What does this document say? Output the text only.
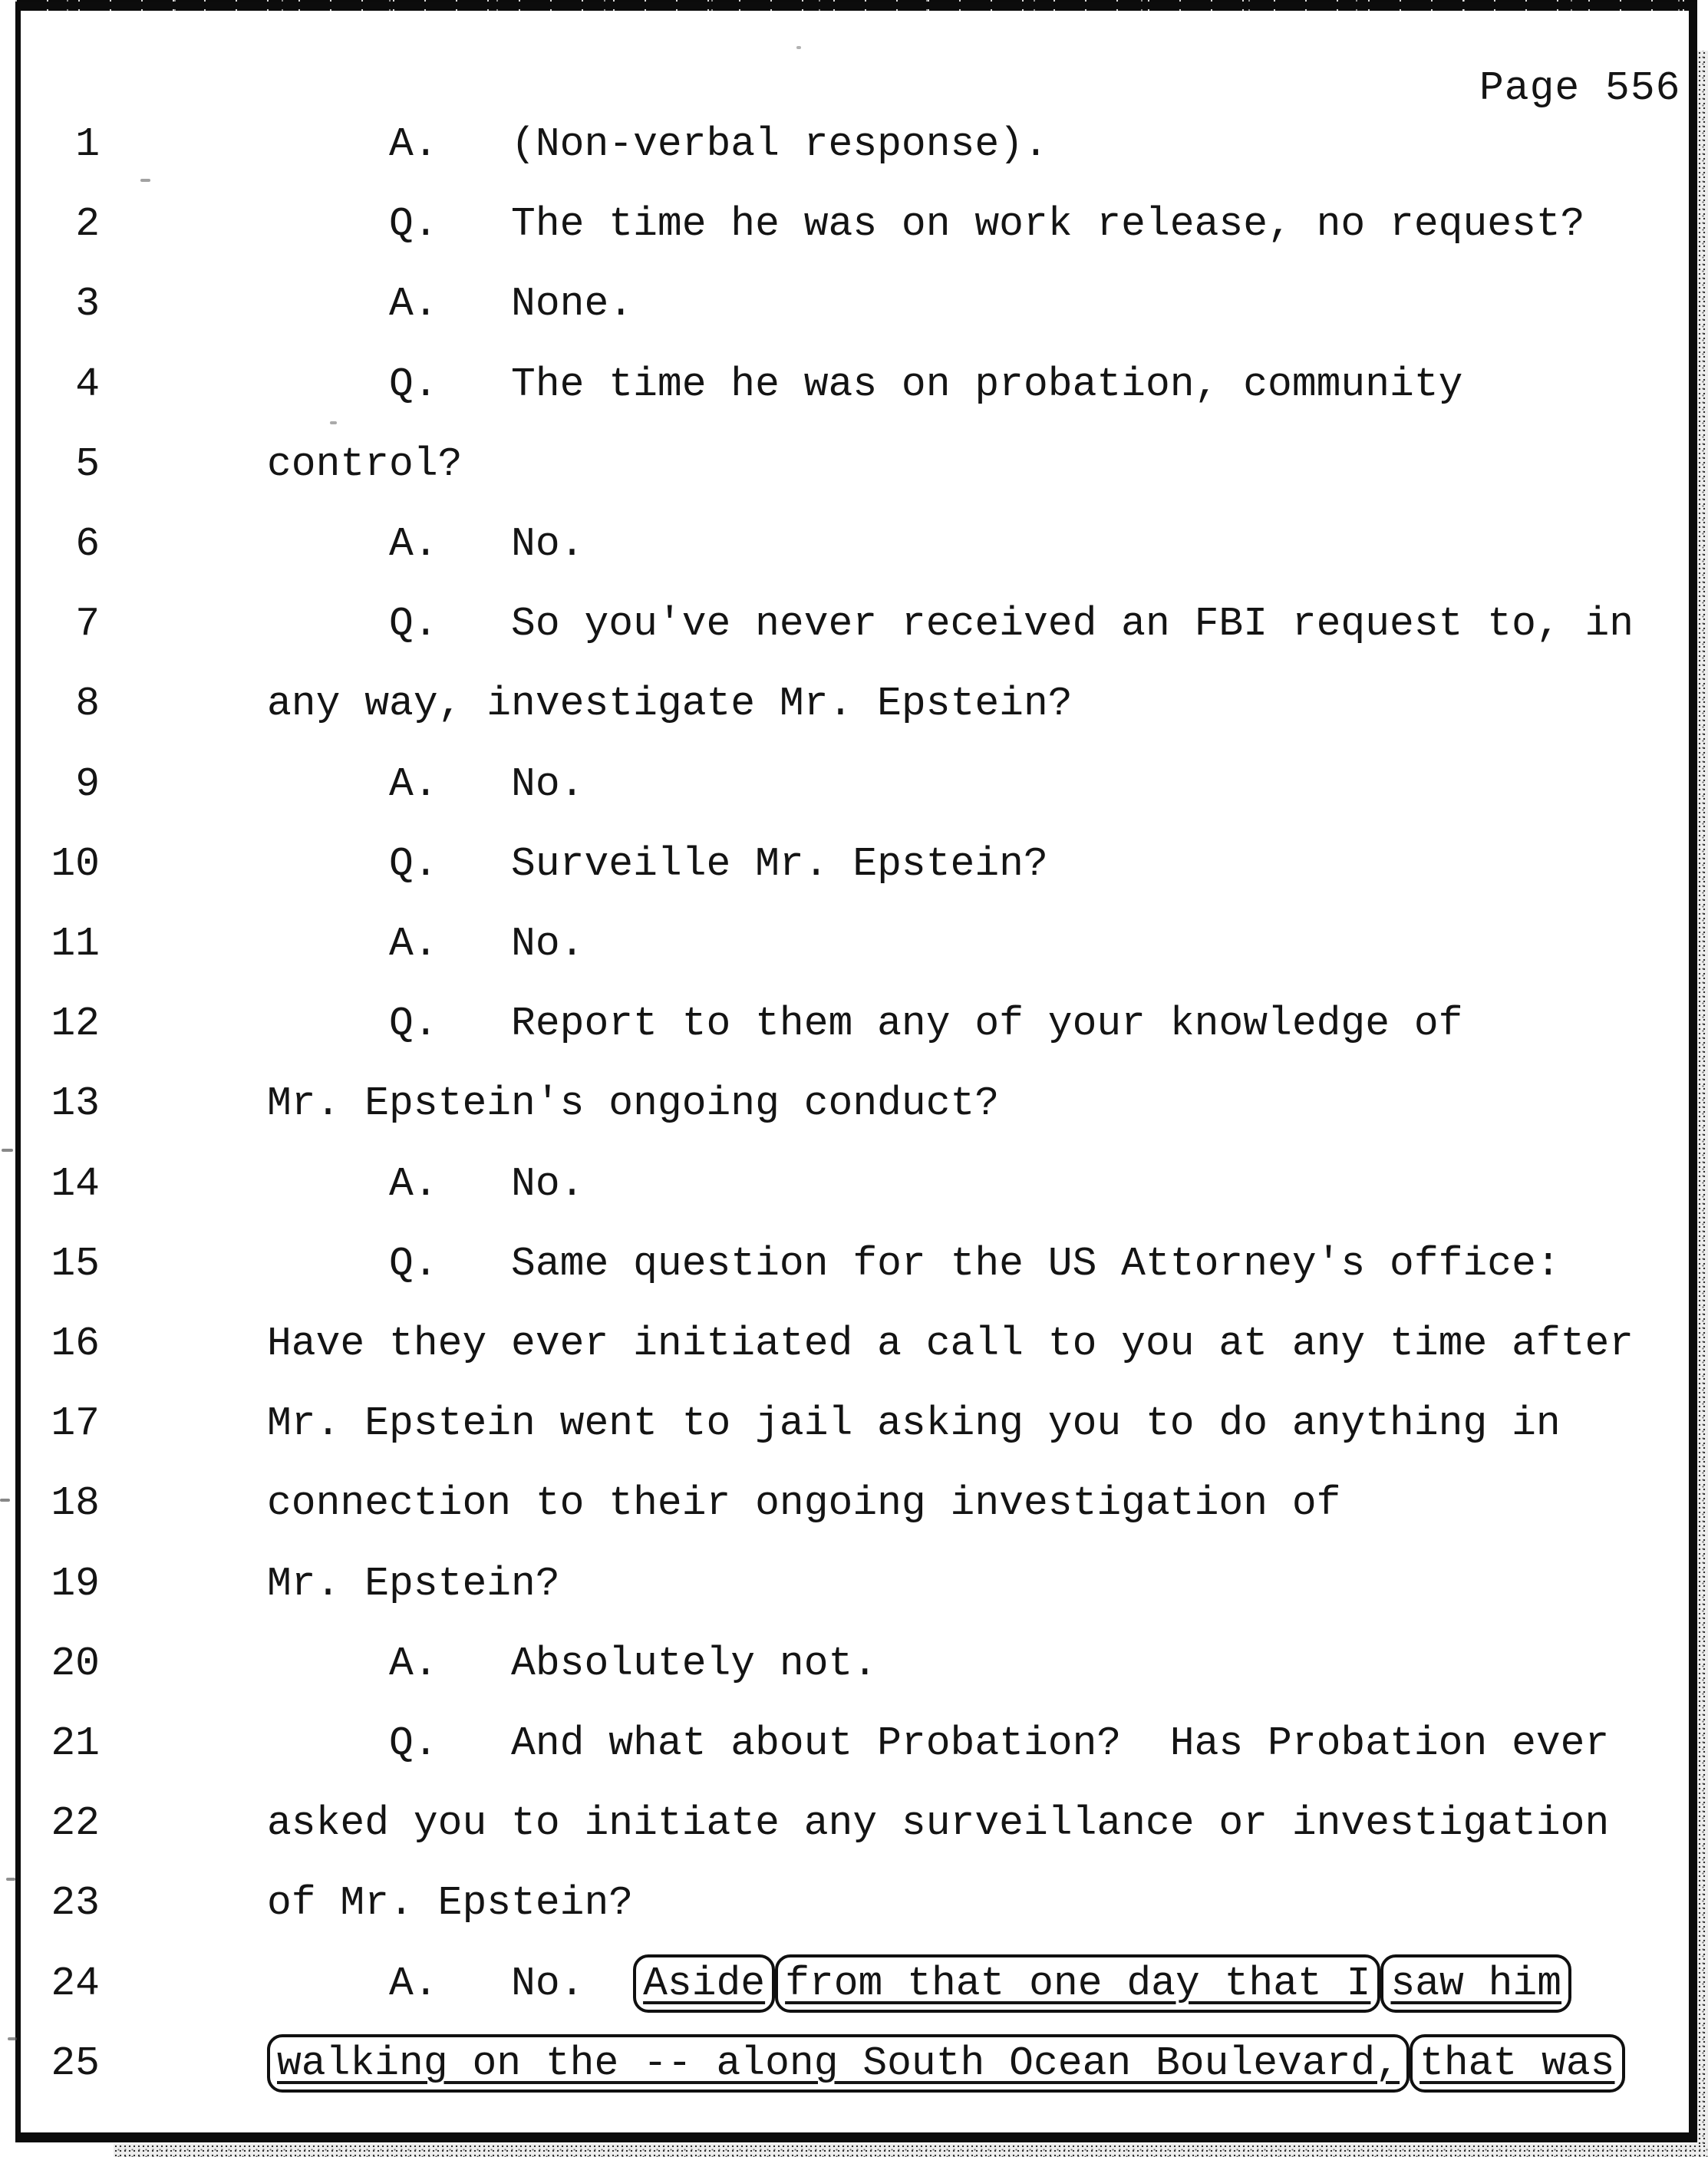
Page 556
1	A.   (Non-verbal response).
2	Q.   The time he was on work release, no request?
3	A.   None.
4	Q.   The time he was on probation, community
5	control?
6	A.   No.
7	Q.   So you've never received an FBI request to, in
8	any way, investigate Mr. Epstein?
9	A.   No.
10	Q.   Surveille Mr. Epstein?
11	A.   No.
12	Q.   Report to them any of your knowledge of
13	Mr. Epstein's ongoing conduct?
14	A.   No.
15	Q.   Same question for the US Attorney's office:
16	Have they ever initiated a call to you at any time after
17	Mr. Epstein went to jail asking you to do anything in
18	connection to their ongoing investigation of
19	Mr. Epstein?
20	A.   Absolutely not.
21	Q.   And what about Probation?  Has Probation ever
22	asked you to initiate any surveillance or investigation
23	of Mr. Epstein?
24	A.   No.  Aside from that one day that I saw him
25	walking on the -- along South Ocean Boulevard, that was
